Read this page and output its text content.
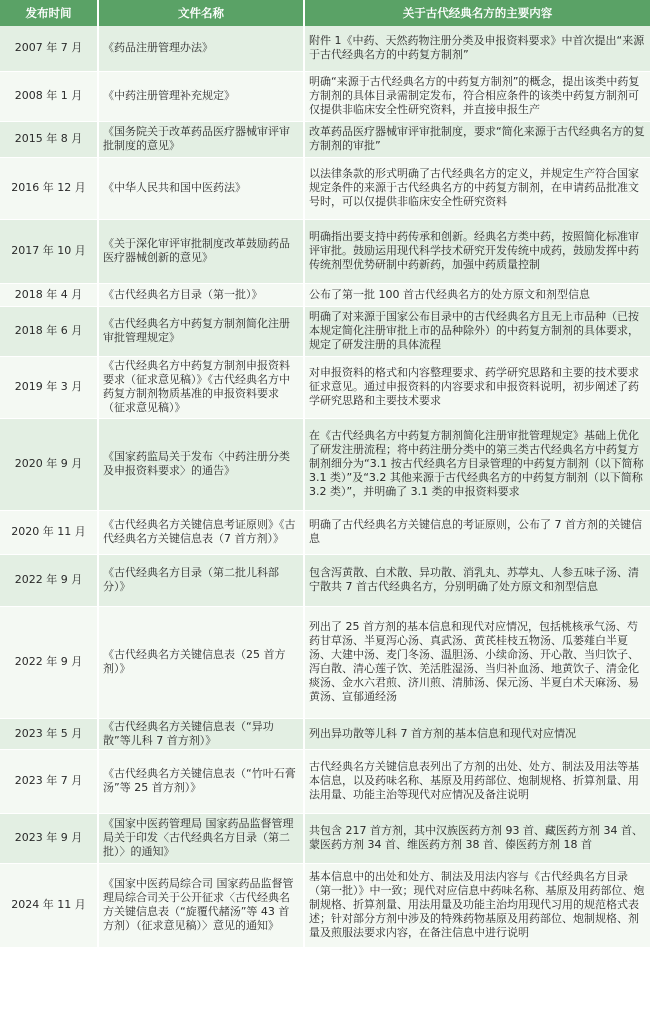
发布时间	文件名称	关于古代经典名方的主要内容
2007 年 7 月	《药品注册管理办法》	附件 1《中药、天然药物注册分类及申报资料要求》中首次提出“来源于古代经典名方的中药复方制剂”
2008 年 1 月	《中药注册管理补充规定》	明确“来源于古代经典名方的中药复方制剂”的概念，提出该类中药复方制剂的具体目录需制定发布，符合相应条件的该类中药复方制剂可仅提供非临床安全性研究资料，并直接申报生产
2015 年 8 月	《国务院关于改革药品医疗器械审评审批制度的意见》	改革药品医疗器械审评审批制度，要求“简化来源于古代经典名方的复方制剂的审批”
2016 年 12 月	《中华人民共和国中医药法》	以法律条款的形式明确了古代经典名方的定义，并规定生产符合国家规定条件的来源于古代经典名方的中药复方制剂，在申请药品批准文号时，可以仅提供非临床安全性研究资料
2017 年 10 月	《关于深化审评审批制度改革鼓励药品医疗器械创新的意见》	明确指出要支持中药传承和创新。经典名方类中药，按照简化标准审评审批。鼓励运用现代科学技术研究开发传统中成药，鼓励发挥中药传统剂型优势研制中药新药，加强中药质量控制
2018 年 4 月	《古代经典名方目录（第一批）》	公布了第一批 100 首古代经典名方的处方原文和剂型信息
2018 年 6 月	《古代经典名方中药复方制剂简化注册审批管理规定》	明确了对来源于国家公布目录中的古代经典名方且无上市品种（已按本规定简化注册审批上市的品种除外）的中药复方制剂的具体要求，规定了研发注册的具体流程
2019 年 3 月	《古代经典名方中药复方制剂申报资料要求（征求意见稿）》《古代经典名方中药复方制剂物质基准的申报资料要求（征求意见稿）》	对申报资料的格式和内容整理要求、药学研究思路和主要的技术要求征求意见。通过申报资料的内容要求和申报资料说明，初步阐述了药学研究思路和主要技术要求
2020 年 9 月	《国家药监局关于发布〈中药注册分类及申报资料要求〉的通告》	在《古代经典名方中药复方制剂简化注册审批管理规定》基础上优化了研发注册流程；将中药注册分类中的第三类古代经典名方中药复方制剂细分为“3.1 按古代经典名方目录管理的中药复方制剂（以下简称 3.1 类）”及“3.2 其他来源于古代经典名方的中药复方制剂（以下简称 3.2 类）”，并明确了 3.1 类的申报资料要求
2020 年 11 月	《古代经典名方关键信息考证原则》《古代经典名方关键信息表（7 首方剂）》	明确了古代经典名方关键信息的考证原则，公布了 7 首方剂的关键信息
2022 年 9 月	《古代经典名方目录（第二批儿科部分）》	包含泻黄散、白术散、异功散、消乳丸、苏葶丸、人参五味子汤、清宁散共 7 首古代经典名方，分别明确了处方原文和剂型信息
2022 年 9 月	《古代经典名方关键信息表（25 首方剂）》	列出了 25 首方剂的基本信息和现代对应情况，包括桃核承气汤、芍药甘草汤、半夏泻心汤、真武汤、黄芪桂枝五物汤、瓜蒌薤白半夏汤、大建中汤、麦门冬汤、温胆汤、小续命汤、开心散、当归饮子、泻白散、清心莲子饮、羌活胜湿汤、当归补血汤、地黄饮子、清金化痰汤、金水六君煎、济川煎、清肺汤、保元汤、半夏白术天麻汤、易黄汤、宣郁通经汤
2023 年 5 月	《古代经典名方关键信息表（“异功散”等儿科 7 首方剂）》	列出异功散等儿科 7 首方剂的基本信息和现代对应情况
2023 年 7 月	《古代经典名方关键信息表（“竹叶石膏汤”等 25 首方剂）》	古代经典名方关键信息表列出了方剂的出处、处方、制法及用法等基本信息，以及药味名称、基原及用药部位、炮制规格、折算剂量、用法用量、功能主治等现代对应情况及备注说明
2023 年 9 月	《国家中医药管理局 国家药品监督管理局关于印发〈古代经典名方目录（第二批）〉的通知》	共包含 217 首方剂，其中汉族医药方剂 93 首、藏医药方剂 34 首、蒙医药方剂 34 首、维医药方剂 38 首、傣医药方剂 18 首
2024 年 11 月	《国家中医药局综合司 国家药品监督管理局综合司关于公开征求〈古代经典名方关键信息表（“旋覆代赭汤”等 43 首方剂）（征求意见稿）〉意见的通知》	基本信息中的出处和处方、制法及用法内容与《古代经典名方目录（第一批）》中一致；现代对应信息中药味名称、基原及用药部位、炮制规格、折算剂量、用法用量及功能主治均用现代习用的规范格式表述；针对部分方剂中涉及的特殊药物基原及用药部位、炮制规格、剂量及煎服法要求内容，在备注信息中进行说明
